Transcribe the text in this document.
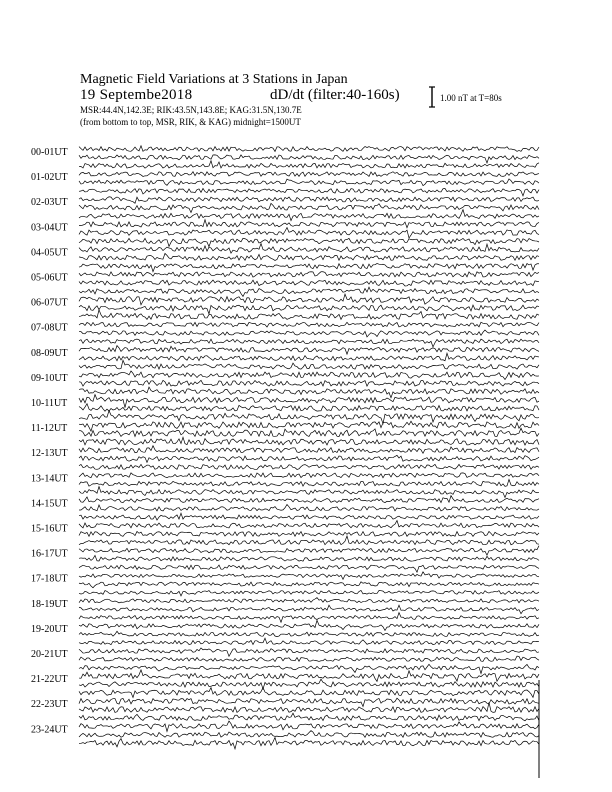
Magnetic Field Variations at 3 Stations in Japan
19 Septembe2018	dD/dt (filter:40-160s)
MSR:44.4N,142.3E; RIK:43.5N,143.8E; KAG:31.5N,130.7E
(from bottom to top, MSR, RIK, & KAG) midnight=1500UT
00-01UT
01-02UT
02-03UT
03-04UT
04-05UT
05-06UT
06-07UT
07-08UT
08-09UT
09-10UT
10-11UT
11-12UT
12-13UT
13-14UT
14-15UT
15-16UT
16-17UT
17-18UT
18-19UT
19-20UT
20-21UT
21-22UT
22-23UT
23-24UT
1.00 nT at T=80s
